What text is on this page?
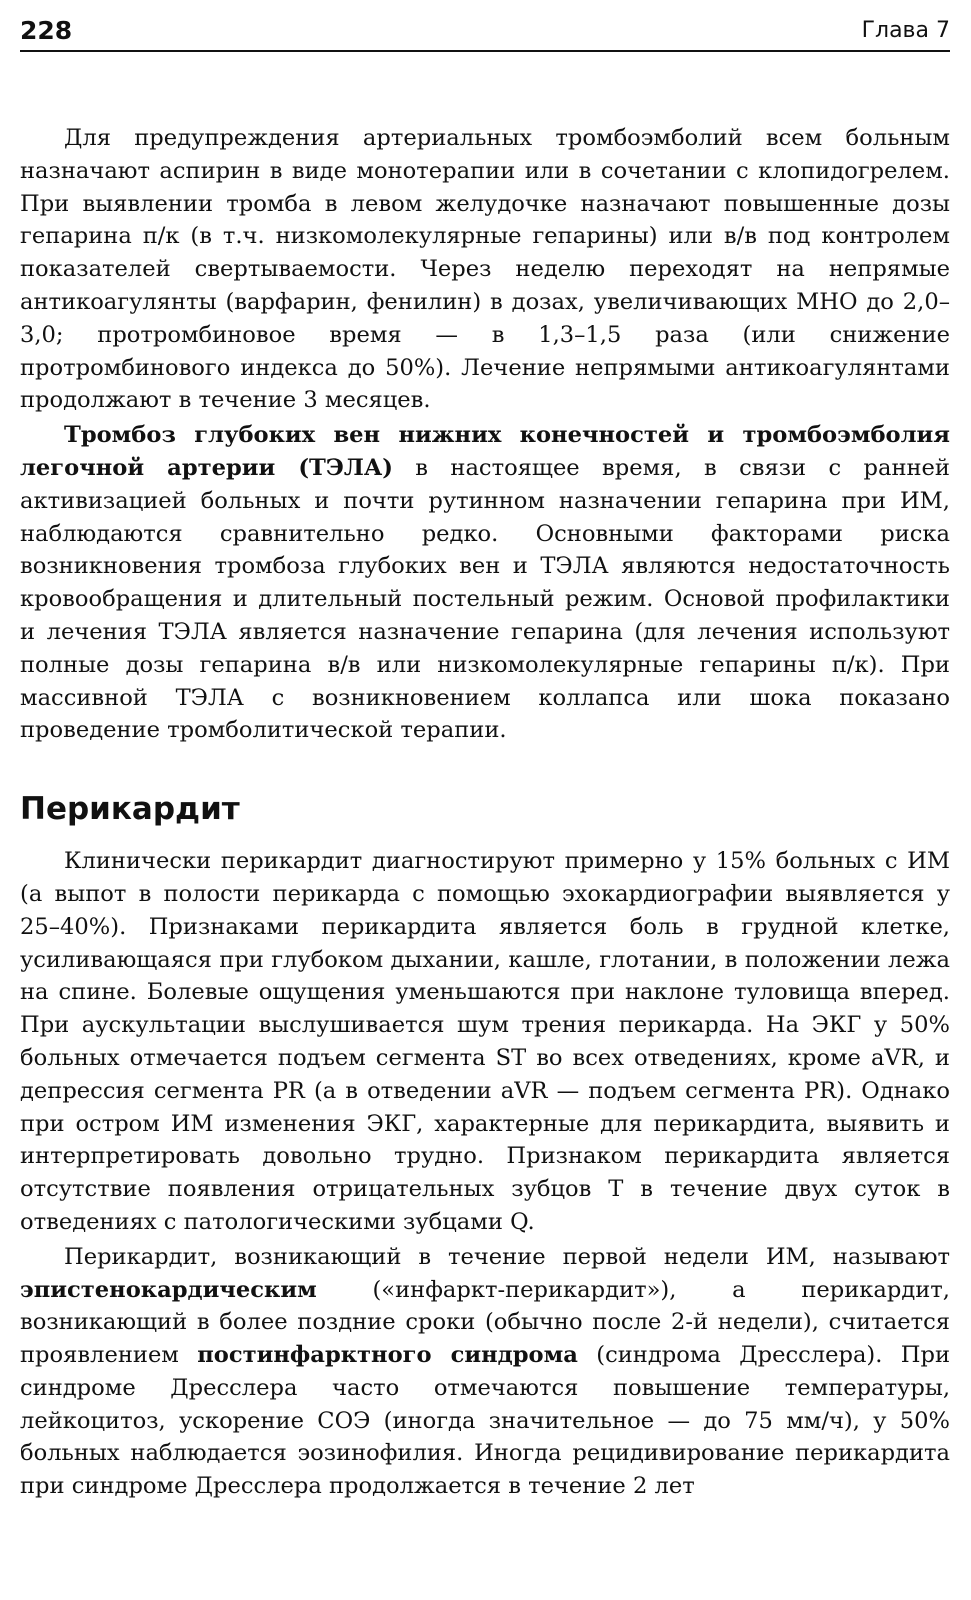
228	Глава 7

Для предупреждения артериальных тромбоэмболий всем больным назначают аспирин в виде монотерапии или в сочетании с клопидогрелем. При выявлении тромба в левом желудочке назначают повышенные дозы гепарина п/к (в т.ч. низкомолекулярные гепарины) или в/в под контролем показателей свертываемости. Через неделю переходят на непрямые антикоагулянты (варфарин, фенилин) в дозах, увеличивающих МНО до 2,0–3,0; протромбиновое время — в 1,3–1,5 раза (или снижение протромбинового индекса до 50%). Лечение непрямыми антикоагулянтами продолжают в течение 3 месяцев.

Тромбоз глубоких вен нижних конечностей и тромбоэмболия легочной артерии (ТЭЛА) в настоящее время, в связи с ранней активизацией больных и почти рутинном назначении гепарина при ИМ, наблюдаются сравнительно редко. Основными факторами риска возникновения тромбоза глубоких вен и ТЭЛА являются недостаточность кровообращения и длительный постельный режим. Основой профилактики и лечения ТЭЛА является назначение гепарина (для лечения используют полные дозы гепарина в/в или низкомолекулярные гепарины п/к). При массивной ТЭЛА с возникновением коллапса или шока показано проведение тромболитической терапии.

Перикардит

Клинически перикардит диагностируют примерно у 15% больных с ИМ (а выпот в полости перикарда с помощью эхокардиографии выявляется у 25–40%). Признаками перикардита является боль в грудной клетке, усиливающаяся при глубоком дыхании, кашле, глотании, в положении лежа на спине. Болевые ощущения уменьшаются при наклоне туловища вперед. При аускультации выслушивается шум трения перикарда. На ЭКГ у 50% больных отмечается подъем сегмента ST во всех отведениях, кроме aVR, и депрессия сегмента PR (а в отведении aVR — подъем сегмента PR). Однако при остром ИМ изменения ЭКГ, характерные для перикардита, выявить и интерпретировать довольно трудно. Признаком перикардита является отсутствие появления отрицательных зубцов Т в течение двух суток в отведениях с патологическими зубцами Q.

Перикардит, возникающий в течение первой недели ИМ, называют эпистенокардическим («инфаркт-перикардит»), а перикардит, возникающий в более поздние сроки (обычно после 2-й недели), считается проявлением постинфарктного синдрома (синдрома Дресслера). При синдроме Дресслера часто отмечаются повышение температуры, лейкоцитоз, ускорение СОЭ (иногда значительное — до 75 мм/ч), у 50% больных наблюдается эозинофилия. Иногда рецидивирование перикардита при синдроме Дресслера продолжается в течение 2 лет
